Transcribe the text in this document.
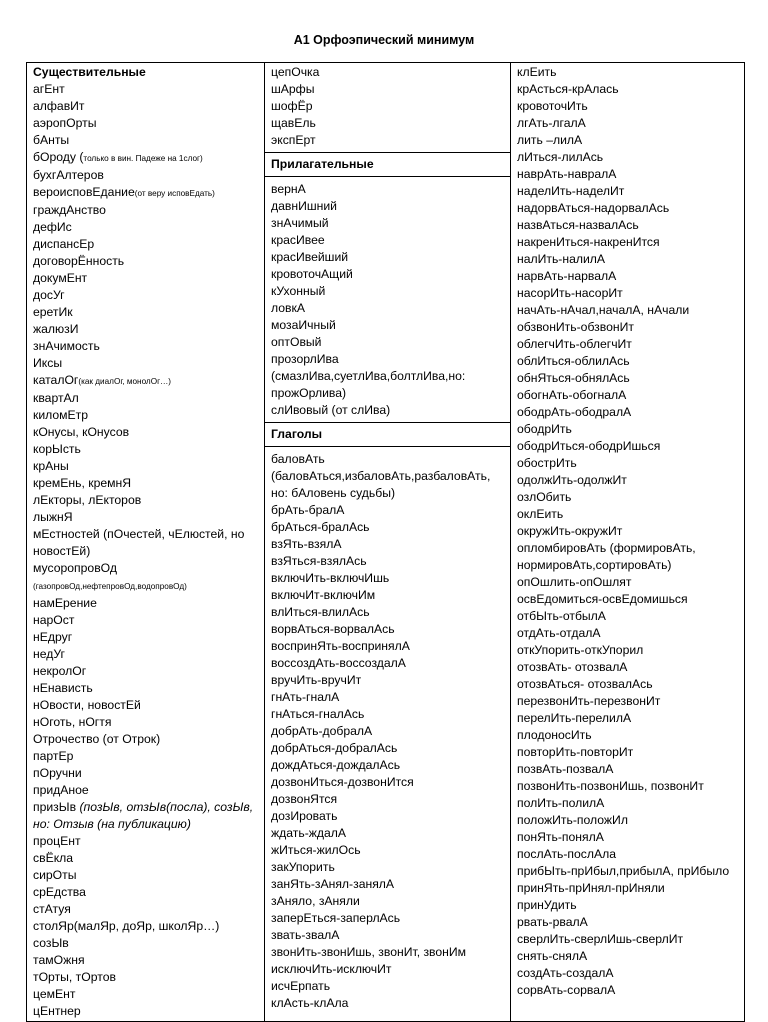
А1 Орфоэпический минимум
Существительные
агЕнт
алфавИт
аэропОрты
бАнты
бОроду (только в вин. Падеже на 1слог)
бухгАлтеров
вероисповЕдание(от веру исповЕдать)
граждАнство
дефИс
диспансЕр
договорЁнность
докумЕнт
досУг
еретИк
жалюзИ
знАчимость
Иксы
каталОг(как диалОг, монолОг…)
квартАл
киломЕтр
кОнусы, кОнусов
корЫсть
крАны
кремЕнь, кремнЯ
лЕкторы, лЕкторов
лыжнЯ
мЕстностей (пОчестей, чЕлюстей, но новостЕй)
мусоропровОд
(газопровОд,нефтепровОд,водопровОд)
намЕрение
нарОст
нЕдруг
недУг
некролОг
нЕнависть
нОвости, новостЕй
нОготь, нОгтя
Отрочество (от Отрок)
партЕр
пОручни
придАное
призЫв (позЫв, отзЫв(посла), созЫв, но: Отзыв (на публикацию)
процЕнт
свЁкла
сирОты
срЕдства
стАтуя
столЯр(малЯр, доЯр, школЯр…)
созЫв
тамОжня
тОрты, тОртов
цемЕнт
цЕнтнер

цепОчка
шАрфы
шофЁр
щавЕль
экспЕрт
Прилагательные
вернА
давнИшний
знАчимый
красИвее
красИвейший
кровоточАщий
кУхонный
ловкА
мозаИчный
оптОвый
прозорлИва
(смазлИва,суетлИва,болтлИва,но: прожОрлива)
слИвовый (от слИва)
Глаголы
баловАть (баловАться,избаловАть,разбаловАть, но: бАловень судьбы)
брАть-бралА
брАться-бралАсь
взЯть-взялА
взЯться-взялАсь
включИть-включИшь
включИт-включИм
влИться-влилАсь
ворвАться-ворвалАсь
воспринЯть-воспринялА
воссоздАть-воссоздалА
вручИть-вручИт
гнАть-гналА
гнАться-гналАсь
добрАть-добралА
добрАться-добралАсь
дождАться-дождалАсь
дозвонИться-дозвонИтся
дозвонЯтся
дозИровать
ждать-ждалА
жИться-жилОсь
закУпорить
занЯть-зАнял-занялА
зАняло, зАняли
заперЕться-заперлАсь
звать-звалА
звонИть-звонИшь, звонИт, звонИм
исключИть-исключИт
исчЕрпать
клАсть-клАла

клЕить
крАсться-крАлась
кровоточИть
лгАть-лгалА
лить –лилА
лИться-лилАсь
наврАть-навралА
наделИть-наделИт
надорвАться-надорвалАсь
назвАться-назвалАсь
накренИться-накренИтся
налИть-налилА
нарвАть-нарвалА
насорИть-насорИт
начАть-нАчал,началА, нАчали
обзвонИть-обзвонИт
облегчИть-облегчИт
облИться-облилАсь
обнЯться-обнялАсь
обогнАть-обогналА
ободрАть-ободралА
ободрИть
ободрИться-ободрИшься
обострИть
одолжИть-одолжИт
озлОбить
оклЕить
окружИть-окружИт
опломбировАть (формировАть, нормировАть,сортировАть)
опОшлить-опОшлят
освЕдомиться-освЕдомишься
отбЫть-отбылА
отдАть-отдалА
откУпорить-откУпорил
отозвАть- отозвалА
отозвАться- отозвалАсь
перезвонИть-перезвонИт
перелИть-перелилА
плодоносИть
повторИть-повторИт
позвАть-позвалА
позвонИть-позвонИшь, позвонИт
полИть-полилА
положИть-положИл
понЯть-понялА
послАть-послАла
прибЫть-прИбыл,прибылА, прИбыло
принЯть-прИнял-прИняли
принУдить
рвать-рвалА
сверлИть-сверлИшь-сверлИт
снять-снялА
создАть-создалА
сорвАть-сорвалА
